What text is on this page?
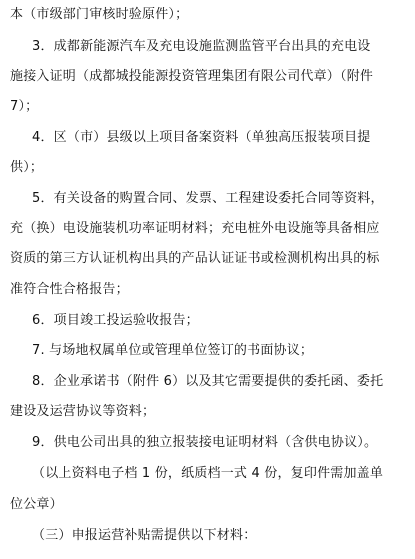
本（市级部门审核时验原件）；
3．成都新能源汽车及充电设施监测监管平台出具的充电设
施接入证明（成都城投能源投资管理集团有限公司代章）（附件
7）；
4．区（市）县级以上项目备案资料（单独高压报装项目提
供）；
5．有关设备的购置合同、发票、工程建设委托合同等资料，
充（换）电设施装机功率证明材料；充电桩外电设施等具备相应
资质的第三方认证机构出具的产品认证证书或检测机构出具的标
准符合性合格报告；
6．项目竣工投运验收报告；
7. 与场地权属单位或管理单位签订的书面协议；
8．企业承诺书（附件 6）以及其它需要提供的委托函、委托
建设及运营协议等资料；
9．供电公司出具的独立报装接电证明材料（含供电协议）。
（以上资料电子档 1 份，纸质档一式 4 份，复印件需加盖单
位公章）
（三）申报运营补贴需提供以下材料：
